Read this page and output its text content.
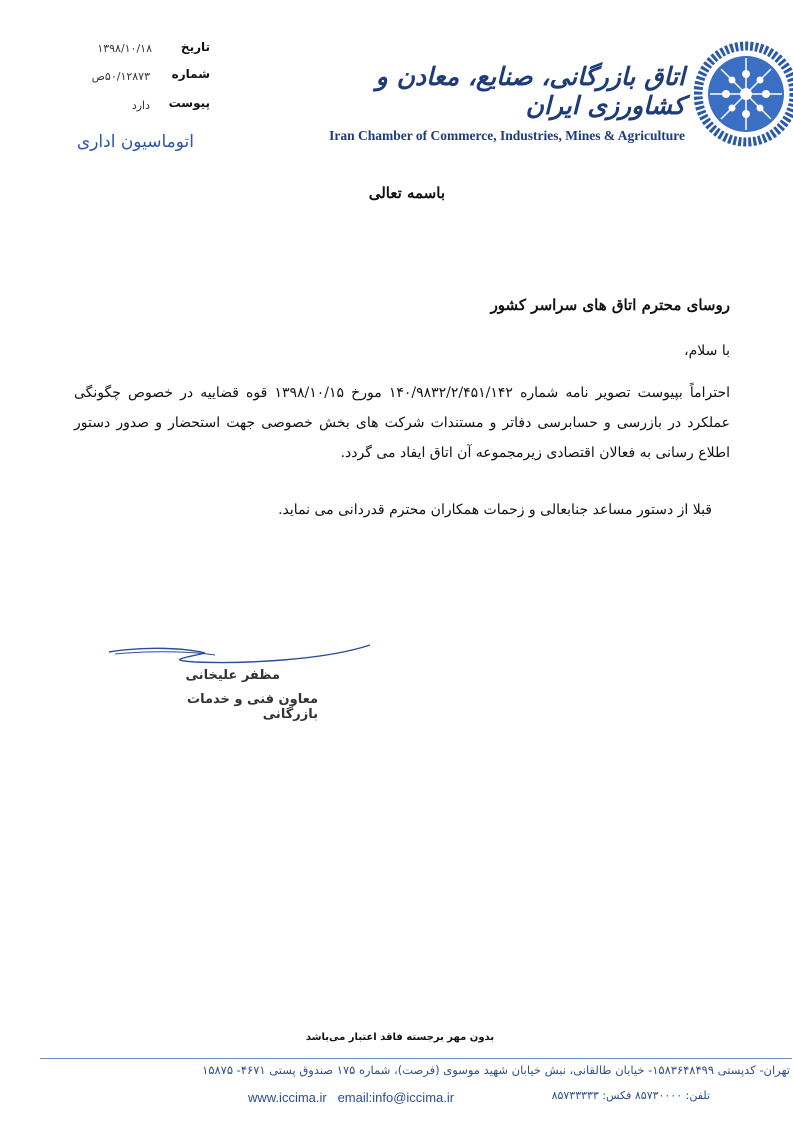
اتاق بازرگانی، صنایع، معادن و کشاورزی ایران
Iran Chamber of Commerce, Industries, Mines & Agriculture
تاریخ
۱۳۹۸/۱۰/۱۸
شماره
۵۰/۱۲۸۷۳ص
پیوست
دارد
اتوماسیون اداری
باسمه تعالی
روسای محترم اتاق های سراسر کشور
با سلام،
احتراماً بپیوست تصویر نامه شماره ۱۴۰/۹۸۳۲/۲/۴۵۱/۱۴۲ مورخ ۱۳۹۸/۱۰/۱۵ قوه قضاییه در خصوص چگونگی عملکرد در بازرسی و حسابرسی دفاتر و مستندات شرکت های بخش خصوصی جهت استحضار و صدور دستور اطلاع رسانی به فعالان اقتصادی زیرمجموعه آن اتاق ایفاد می گردد.
قبلا از دستور مساعد جنابعالی و زحمات همکاران محترم قدردانی می نماید.
مظفر علیخانی
معاون فنی و خدمات بازرگانی
بدون مهر برجسته فاقد اعتبار می‌باشد
تهران- کدپستی ۱۵۸۳۶۴۸۴۹۹- خیابان طالقانی، نبش خیابان شهید موسوی (فرصت)، شماره ۱۷۵ صندوق پستی ۴۶۷۱- ۱۵۸۷۵
تلفن: ۸۵۷۳۰۰۰۰ فکس: ۸۵۷۳۳۳۳۳
www.iccima.ir email:info@iccima.ir
